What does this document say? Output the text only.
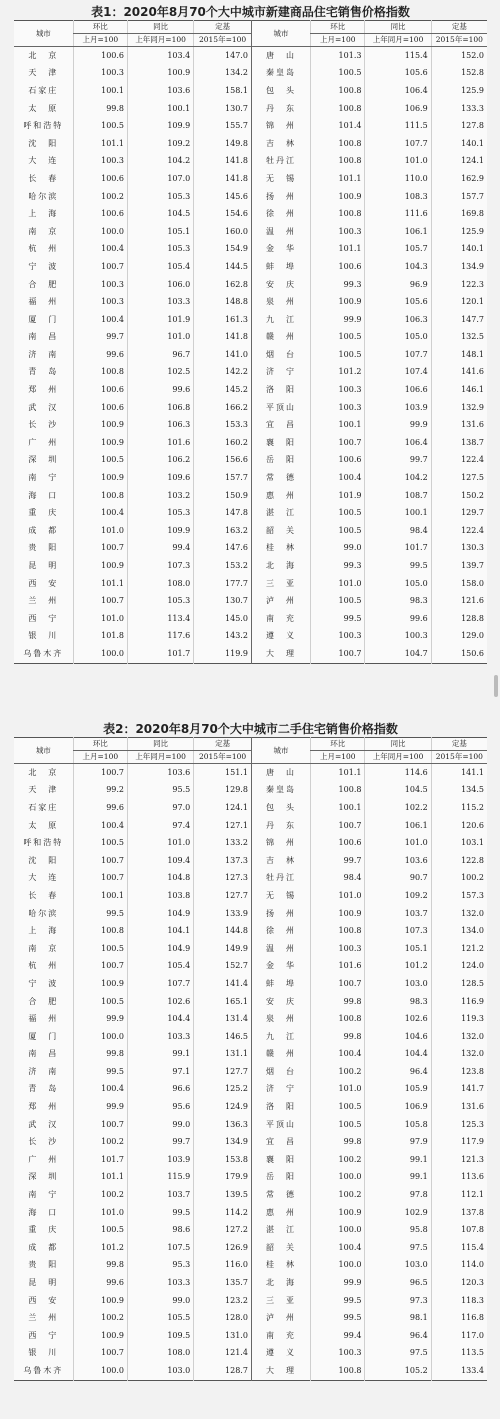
表1：2020年8月70个大中城市新建商品住宅销售价格指数
城市	环比	同比	定基	城市	环比	同比	定基
	上月=100	上年同月=100	2015年=100		上月=100	上年同月=100	2015年=100
北　京	100.6	103.4	147.0	唐　山	101.3	115.4	152.0
天　津	100.3	100.9	134.2	秦皇岛	100.5	105.6	152.8
石家庄	100.1	103.6	158.1	包　头	100.8	106.4	125.9
太　原	99.8	100.1	130.7	丹　东	100.8	106.9	133.3
呼和浩特	100.5	109.9	155.7	锦　州	101.4	111.5	127.8
沈　阳	101.1	109.2	149.8	吉　林	100.8	107.7	140.1
大　连	100.3	104.2	141.8	牡丹江	100.8	101.0	124.1
长　春	100.6	107.0	141.8	无　锡	101.1	110.0	162.9
哈尔滨	100.2	105.3	145.6	扬　州	100.9	108.3	157.7
上　海	100.6	104.5	154.6	徐　州	100.8	111.6	169.8
南　京	100.0	105.1	160.0	温　州	100.3	106.1	125.9
杭　州	100.4	105.3	154.9	金　华	101.1	105.7	140.1
宁　波	100.7	105.4	144.5	蚌　埠	100.6	104.3	134.9
合　肥	100.3	106.0	162.8	安　庆	99.3	96.9	122.3
福　州	100.3	103.3	148.8	泉　州	100.9	105.6	120.1
厦　门	100.4	101.9	161.3	九　江	99.9	106.3	147.7
南　昌	99.7	101.0	141.8	赣　州	100.5	105.0	132.5
济　南	99.6	96.7	141.0	烟　台	100.5	107.7	148.1
青　岛	100.8	102.5	142.2	济　宁	101.2	107.4	141.6
郑　州	100.6	99.6	145.2	洛　阳	100.3	106.6	146.1
武　汉	100.6	106.8	166.2	平顶山	100.3	103.9	132.9
长　沙	100.9	106.3	153.3	宜　昌	100.1	99.9	131.6
广　州	100.9	101.6	160.2	襄　阳	100.7	106.4	138.7
深　圳	100.5	106.2	156.6	岳　阳	100.6	99.7	122.4
南　宁	100.9	109.6	157.7	常　德	100.4	104.2	127.5
海　口	100.8	103.2	150.9	惠　州	101.9	108.7	150.2
重　庆	100.4	105.3	147.8	湛　江	100.5	100.1	129.7
成　都	101.0	109.9	163.2	韶　关	100.5	98.4	122.4
贵　阳	100.7	99.4	147.6	桂　林	99.0	101.7	130.3
昆　明	100.9	107.3	153.2	北　海	99.3	99.5	139.7
西　安	101.1	108.0	177.7	三　亚	101.0	105.0	158.0
兰　州	100.7	105.3	130.7	泸　州	100.5	98.3	121.6
西　宁	101.0	113.4	145.0	南　充	99.5	99.6	128.8
银　川	101.8	117.6	143.2	遵　义	100.3	100.3	129.0
乌鲁木齐	100.0	101.7	119.9	大　理	100.7	104.7	150.6
表2：2020年8月70个大中城市二手住宅销售价格指数
城市	环比	同比	定基	城市	环比	同比	定基
	上月=100	上年同月=100	2015年=100		上月=100	上年同月=100	2015年=100
北　京	100.7	103.6	151.1	唐　山	101.1	114.6	141.1
天　津	99.2	95.5	129.8	秦皇岛	100.8	104.5	134.5
石家庄	99.6	97.0	124.1	包　头	100.1	102.2	115.2
太　原	100.4	97.4	127.1	丹　东	100.7	106.1	120.6
呼和浩特	100.5	101.0	133.2	锦　州	100.6	101.0	103.1
沈　阳	100.7	109.4	137.3	吉　林	99.7	103.6	122.8
大　连	100.7	104.8	127.3	牡丹江	98.4	90.7	100.2
长　春	100.1	103.8	127.7	无　锡	101.0	109.2	157.3
哈尔滨	99.5	104.9	133.9	扬　州	100.9	103.7	132.0
上　海	100.8	104.1	144.8	徐　州	100.8	107.3	134.0
南　京	100.5	104.9	149.9	温　州	100.3	105.1	121.2
杭　州	100.7	105.4	152.7	金　华	101.6	101.2	124.0
宁　波	100.9	107.7	141.4	蚌　埠	100.7	103.0	128.5
合　肥	100.5	102.6	165.1	安　庆	99.8	98.3	116.9
福　州	99.9	104.4	131.4	泉　州	100.8	102.6	119.3
厦　门	100.0	103.3	146.5	九　江	99.8	104.6	132.0
南　昌	99.8	99.1	131.1	赣　州	100.4	104.4	132.0
济　南	99.5	97.1	127.7	烟　台	100.2	96.4	123.8
青　岛	100.4	96.6	125.2	济　宁	101.0	105.9	141.7
郑　州	99.9	95.6	124.9	洛　阳	100.5	106.9	131.6
武　汉	100.7	99.0	136.3	平顶山	100.5	105.8	125.3
长　沙	100.2	99.7	134.9	宜　昌	99.8	97.9	117.9
广　州	101.7	103.9	153.8	襄　阳	100.2	99.1	121.3
深　圳	101.1	115.9	179.9	岳　阳	100.0	99.1	113.6
南　宁	100.2	103.7	139.5	常　德	100.2	97.8	112.1
海　口	101.0	99.5	114.2	惠　州	100.9	102.9	137.8
重　庆	100.5	98.6	127.2	湛　江	100.0	95.8	107.8
成　都	101.2	107.5	126.9	韶　关	100.4	97.5	115.4
贵　阳	99.8	95.3	116.0	桂　林	100.0	103.0	114.0
昆　明	99.6	103.3	135.7	北　海	99.9	96.5	120.3
西　安	100.9	99.0	123.2	三　亚	99.5	97.3	118.3
兰　州	100.2	105.5	128.0	泸　州	99.5	98.1	116.8
西　宁	100.9	109.5	131.0	南　充	99.4	96.4	117.0
银　川	100.7	108.0	121.4	遵　义	100.3	97.5	113.5
乌鲁木齐	100.0	103.0	128.7	大　理	100.8	105.2	133.4
